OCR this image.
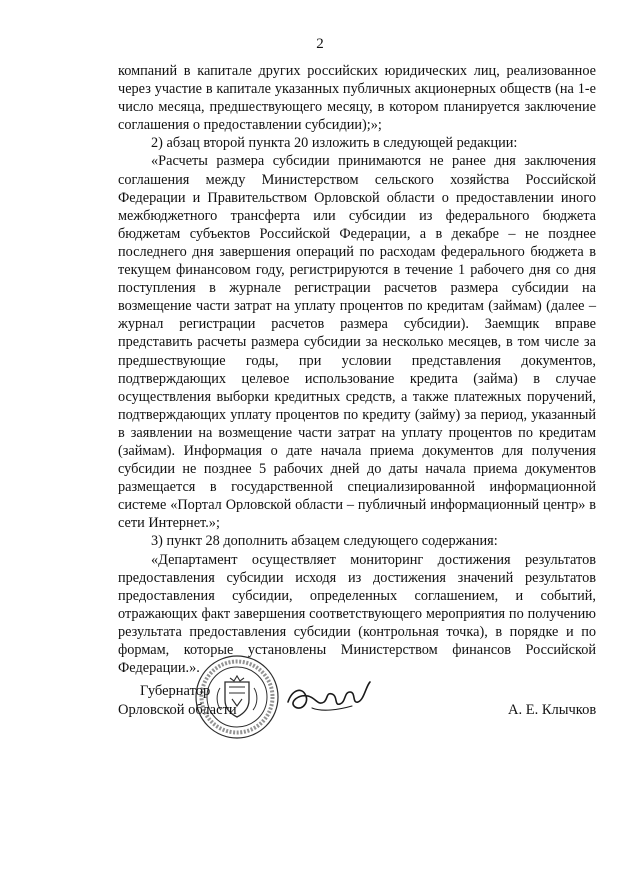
2

компаний в капитале других российских юридических лиц, реализованное через участие в капитале указанных публичных акционерных обществ (на 1-е число месяца, предшествующего месяцу, в котором планируется заключение соглашения о предоставлении субсидии);»;

2) абзац второй пункта 20 изложить в следующей редакции:

«Расчеты размера субсидии принимаются не ранее дня заключения соглашения между Министерством сельского хозяйства Российской Федерации и Правительством Орловской области о предоставлении иного межбюджетного трансферта или субсидии из федерального бюджета бюджетам субъектов Российской Федерации, а в декабре – не позднее последнего дня завершения операций по расходам федерального бюджета в текущем финансовом году, регистрируются в течение 1 рабочего дня со дня поступления в журнале регистрации расчетов размера субсидии на возмещение части затрат на уплату процентов по кредитам (займам) (далее – журнал регистрации расчетов размера субсидии). Заемщик вправе представить расчеты размера субсидии за несколько месяцев, в том числе за предшествующие годы, при условии представления документов, подтверждающих целевое использование кредита (займа) в случае осуществления выборки кредитных средств, а также платежных поручений, подтверждающих уплату процентов по кредиту (займу) за период, указанный в заявлении на возмещение части затрат на уплату процентов по кредитам (займам). Информация о дате начала приема документов для получения субсидии не позднее 5 рабочих дней до даты начала приема документов размещается в государственной специализированной информационной системе «Портал Орловской области – публичный информационный центр» в сети Интернет.»;

3) пункт 28 дополнить абзацем следующего содержания:

«Департамент осуществляет мониторинг достижения результатов предоставления субсидии исходя из достижения значений результатов предоставления субсидии, определенных соглашением, и событий, отражающих факт завершения соответствующего мероприятия по получению результата предоставления субсидии (контрольная точка), в порядке и по формам, которые установлены Министерством финансов Российской Федерации.».

Губернатор
Орловской области	А. Е. Клычков
